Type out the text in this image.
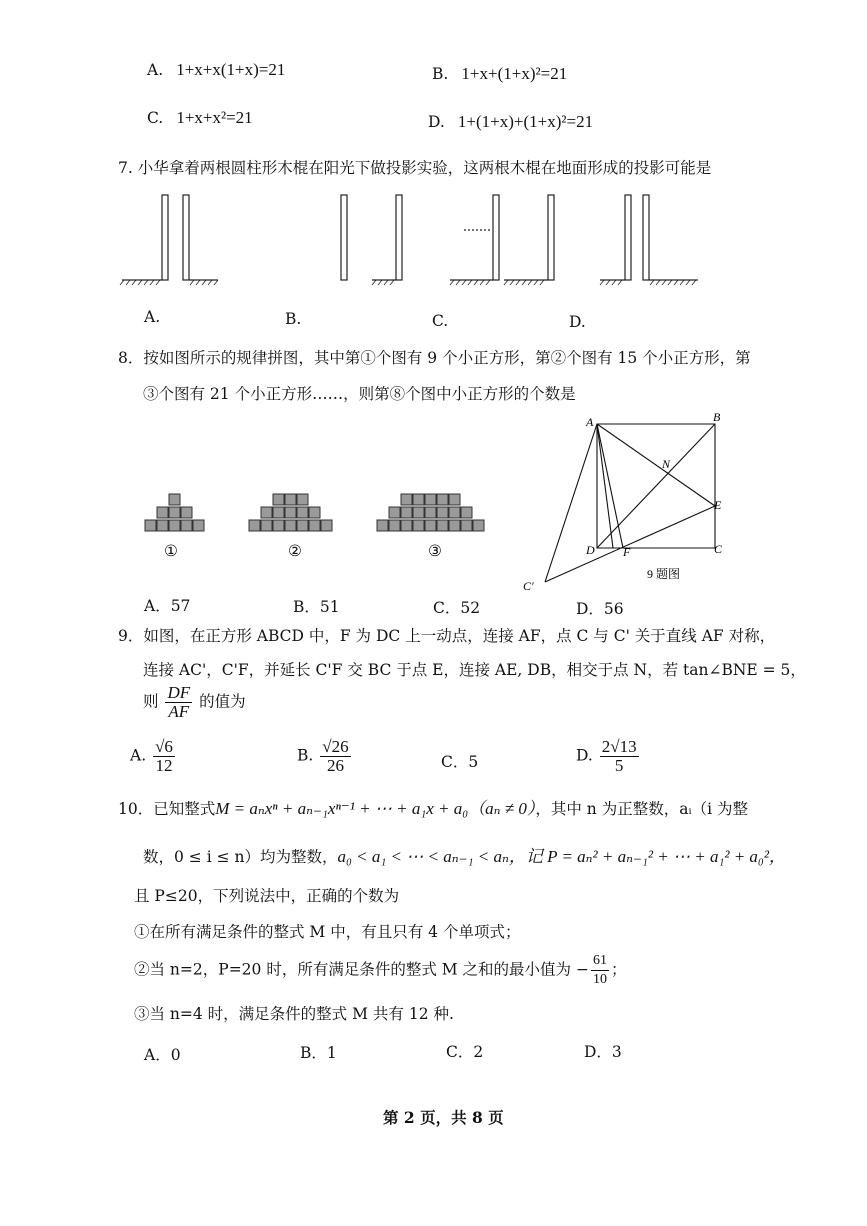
A. 1+x+x(1+x)=21	B. 1+x+(1+x)²=21
C. 1+x+x²=21	D. 1+(1+x)+(1+x)²=21
7. 小华拿着两根圆柱形木棍在阳光下做投影实验，这两根木棍在地面形成的投影可能是
A.	B.	C.	D.
8．按如图所示的规律拼图，其中第①个图有 9 个小正方形，第②个图有 15 个小正方形，第
③个图有 21 个小正方形……，则第⑧个图中小正方形的个数是
①	②	③
A	B
N
E
D F	C
C'
9 题图
A．57	B．51	C．52	D．56
9．如图，在正方形 ABCD 中，F 为 DC 上一动点，连接 AF，点 C 与 C' 关于直线 AF 对称，
连接 AC'，C'F，并延长 C'F 交 BC 于点 E，连接 AE, DB，相交于点 N，若 tan∠BNE = 5，
则 $\frac{DF}{AF}$ 的值为
A. $\frac{√6}{12}$	B. $\frac{√26}{26}$	C．5	D. $\frac{2√13}{5}$
10．已知整式M = aₙxⁿ + aₙ₋₁xⁿ⁻¹ + ⋯ + a₁x + a₀（aₙ ≠ 0），其中 n 为正整数，aᵢ（i 为整
数，0 ≤ i ≤ n）均为整数，a₀ < a₁ < ⋯ < aₙ₋₁ < aₙ，记 P = aₙ² + aₙ₋₁² + ⋯ + a₁² + a₀²，
且 P≤20，下列说法中，正确的个数为
①在所有满足条件的整式 M 中，有且只有 4 个单项式；
②当 n=2，P=20 时，所有满足条件的整式 M 之和的最小值为 − $\frac{61}{10}$ ；
③当 n=4 时，满足条件的整式 M 共有 12 种.
A．0	B．1	C．2	D．3
第 2 页，共 8 页
